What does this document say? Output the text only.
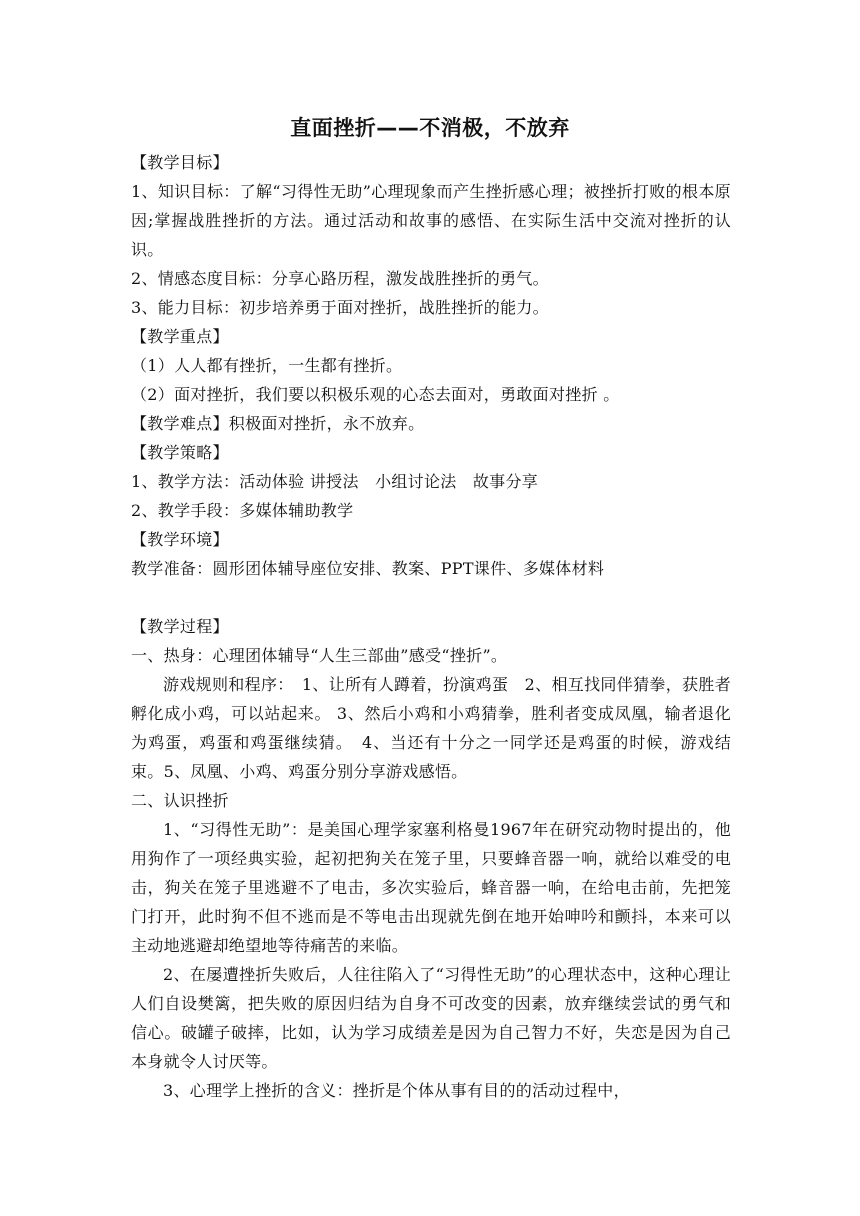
直面挫折——不消极，不放弃

【教学目标】

1、知识目标：了解“习得性无助”心理现象而产生挫折感心理；被挫折打败的根本原因;掌握战胜挫折的方法。通过活动和故事的感悟、在实际生活中交流对挫折的认识。

2、情感态度目标：分享心路历程，激发战胜挫折的勇气。

3、能力目标：初步培养勇于面对挫折，战胜挫折的能力。

【教学重点】

（1）人人都有挫折，一生都有挫折。

（2）面对挫折，我们要以积极乐观的心态去面对，勇敢面对挫折 。

【教学难点】积极面对挫折，永不放弃。

【教学策略】

1、教学方法：活动体验 讲授法　小组讨论法　故事分享

2、教学手段：多媒体辅助教学

【教学环境】

教学准备：圆形团体辅导座位安排、教案、PPT课件、多媒体材料

【教学过程】

一、热身：心理团体辅导“人生三部曲”感受“挫折”。

游戏规则和程序：　1、让所有人蹲着，扮演鸡蛋　2、相互找同伴猜拳，获胜者孵化成小鸡，可以站起来。 3、然后小鸡和小鸡猜拳，胜利者变成凤凰，输者退化为鸡蛋，鸡蛋和鸡蛋继续猜。　4、当还有十分之一同学还是鸡蛋的时候，游戏结束。5、凤凰、小鸡、鸡蛋分别分享游戏感悟。

二、认识挫折

1、“习得性无助”：是美国心理学家塞利格曼1967年在研究动物时提出的，他用狗作了一项经典实验，起初把狗关在笼子里，只要蜂音器一响，就给以难受的电击，狗关在笼子里逃避不了电击，多次实验后，蜂音器一响，在给电击前，先把笼门打开，此时狗不但不逃而是不等电击出现就先倒在地开始呻吟和颤抖，本来可以主动地逃避却绝望地等待痛苦的来临。

2、在屡遭挫折失败后，人往往陷入了“习得性无助”的心理状态中，这种心理让人们自设樊篱，把失败的原因归结为自身不可改变的因素，放弃继续尝试的勇气和信心。破罐子破摔，比如，认为学习成绩差是因为自己智力不好，失恋是因为自己本身就令人讨厌等。

3、心理学上挫折的含义：挫折是个体从事有目的的活动过程中，
